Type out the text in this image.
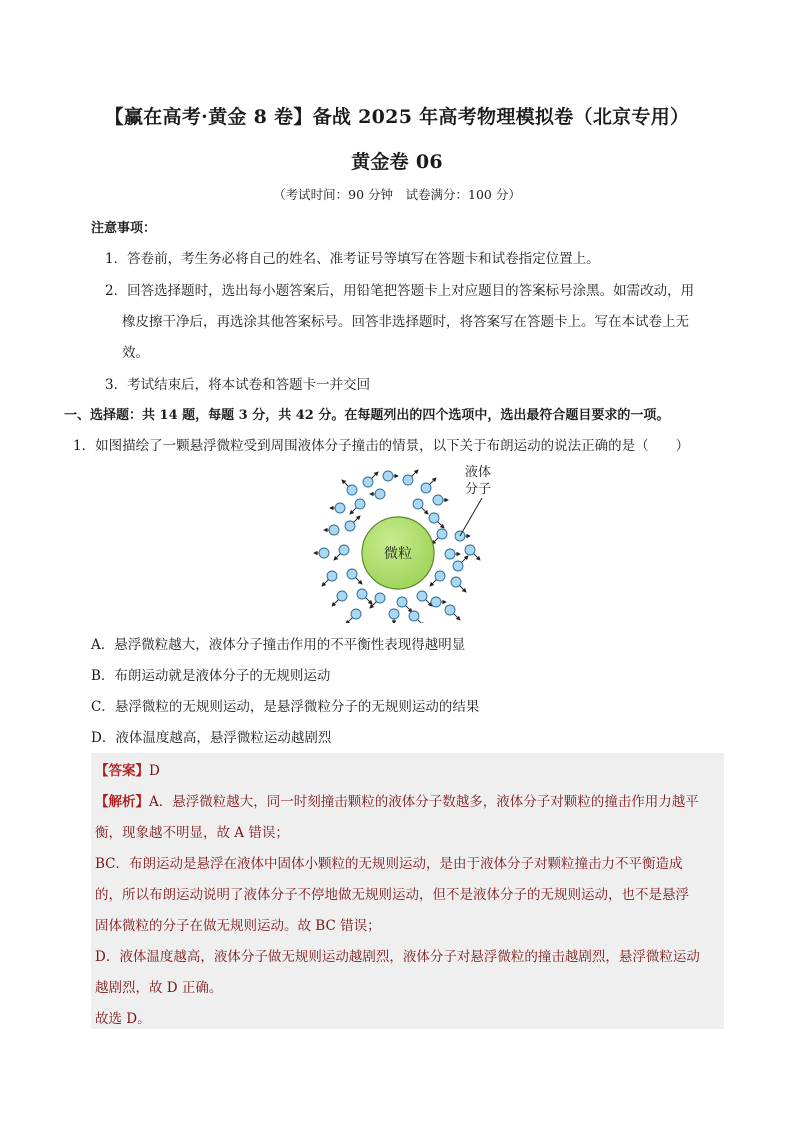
【赢在高考·黄金 8 卷】备战 2025 年高考物理模拟卷（北京专用）
黄金卷 06
（考试时间：90 分钟　试卷满分：100 分）
注意事项：
1．答卷前，考生务必将自己的姓名、准考证号等填写在答题卡和试卷指定位置上。
2．回答选择题时，选出每小题答案后，用铅笔把答题卡上对应题目的答案标号涂黑。如需改动，用
橡皮擦干净后，再选涂其他答案标号。回答非选择题时，将答案写在答题卡上。写在本试卷上无
效。
3．考试结束后，将本试卷和答题卡一并交回
一、选择题：共 14 题，每题 3 分，共 42 分。在每题列出的四个选项中，选出最符合题目要求的一项。
1．如图描绘了一颗悬浮微粒受到周围液体分子撞击的情景，以下关于布朗运动的说法正确的是（　　）
微粒
液体
分子
A．悬浮微粒越大，液体分子撞击作用的不平衡性表现得越明显
B．布朗运动就是液体分子的无规则运动
C．悬浮微粒的无规则运动，是悬浮微粒分子的无规则运动的结果
D．液体温度越高，悬浮微粒运动越剧烈
【答案】D
【解析】A．悬浮微粒越大，同一时刻撞击颗粒的液体分子数越多，液体分子对颗粒的撞击作用力越平
衡，现象越不明显，故 A 错误；
BC．布朗运动是悬浮在液体中固体小颗粒的无规则运动，是由于液体分子对颗粒撞击力不平衡造成
的，所以布朗运动说明了液体分子不停地做无规则运动，但不是液体分子的无规则运动，也不是悬浮
固体微粒的分子在做无规则运动。故 BC 错误；
D．液体温度越高，液体分子做无规则运动越剧烈，液体分子对悬浮微粒的撞击越剧烈，悬浮微粒运动
越剧烈，故 D 正确。
故选 D。
